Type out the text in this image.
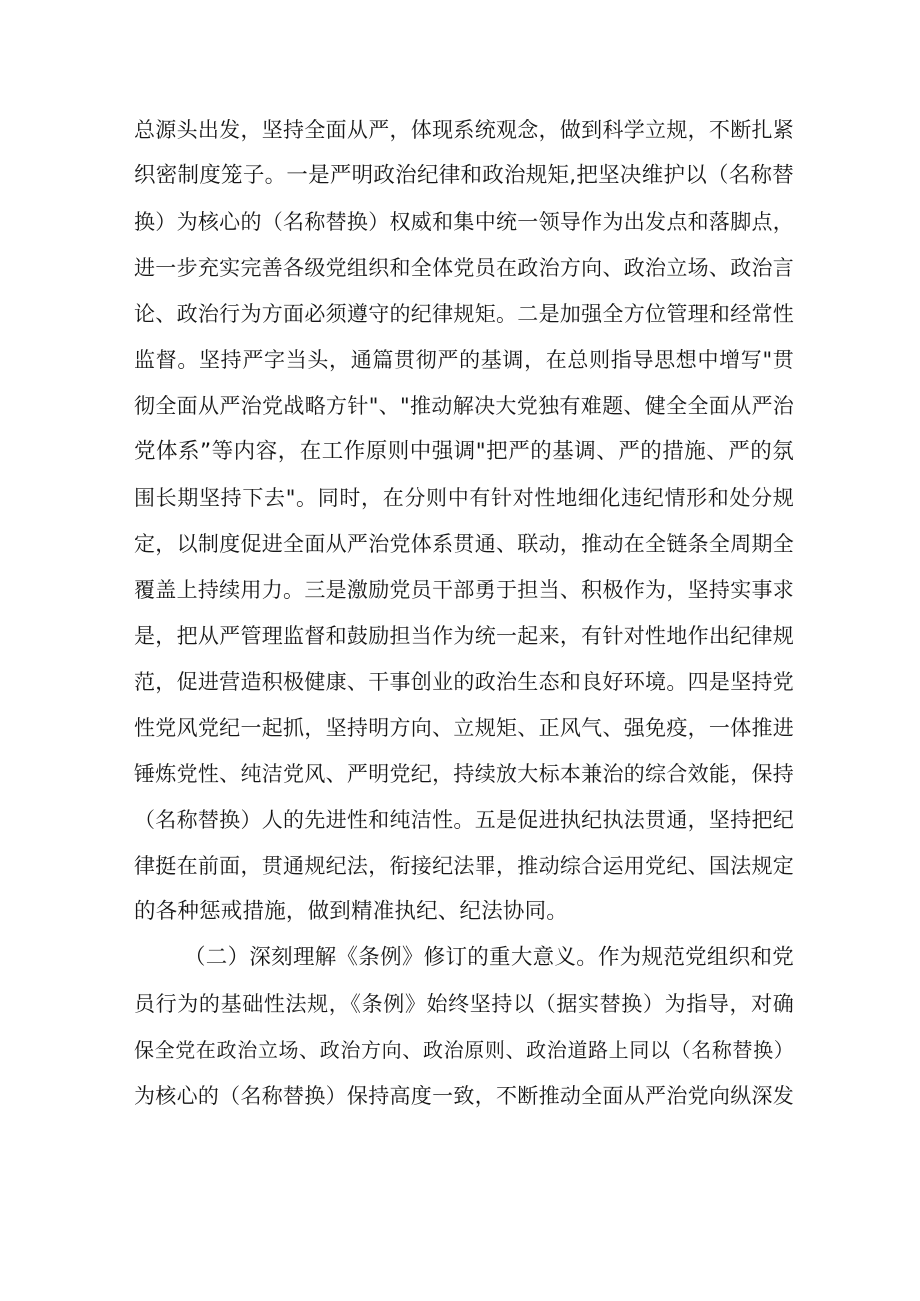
总源头出发，坚持全面从严，体现系统观念，做到科学立规，不断扎紧
织密制度笼子。一是严明政治纪律和政治规矩,把坚决维护以（名称替
换）为核心的（名称替换）权威和集中统一领导作为出发点和落脚点，
进一步充实完善各级党组织和全体党员在政治方向、政治立场、政治言
论、政治行为方面必须遵守的纪律规矩。二是加强全方位管理和经常性
监督。坚持严字当头，通篇贯彻严的基调，在总则指导思想中增写"贯
彻全面从严治党战略方针"、"推动解决大党独有难题、健全全面从严治
党体系”等内容，在工作原则中强调"把严的基调、严的措施、严的氛
围长期坚持下去"。同时，在分则中有针对性地细化违纪情形和处分规
定，以制度促进全面从严治党体系贯通、联动，推动在全链条全周期全
覆盖上持续用力。三是激励党员干部勇于担当、积极作为，坚持实事求
是，把从严管理监督和鼓励担当作为统一起来，有针对性地作出纪律规
范，促进营造积极健康、干事创业的政治生态和良好环境。四是坚持党
性党风党纪一起抓，坚持明方向、立规矩、正风气、强免疫，一体推进
锤炼党性、纯洁党风、严明党纪，持续放大标本兼治的综合效能，保持
（名称替换）人的先进性和纯洁性。五是促进执纪执法贯通，坚持把纪
律挺在前面，贯通规纪法，衔接纪法罪，推动综合运用党纪、国法规定
的各种惩戒措施，做到精准执纪、纪法协同。
（二）深刻理解《条例》修订的重大意义。作为规范党组织和党
员行为的基础性法规，《条例》始终坚持以（据实替换）为指导，对确
保全党在政治立场、政治方向、政治原则、政治道路上同以（名称替换）
为核心的（名称替换）保持高度一致，不断推动全面从严治党向纵深发
